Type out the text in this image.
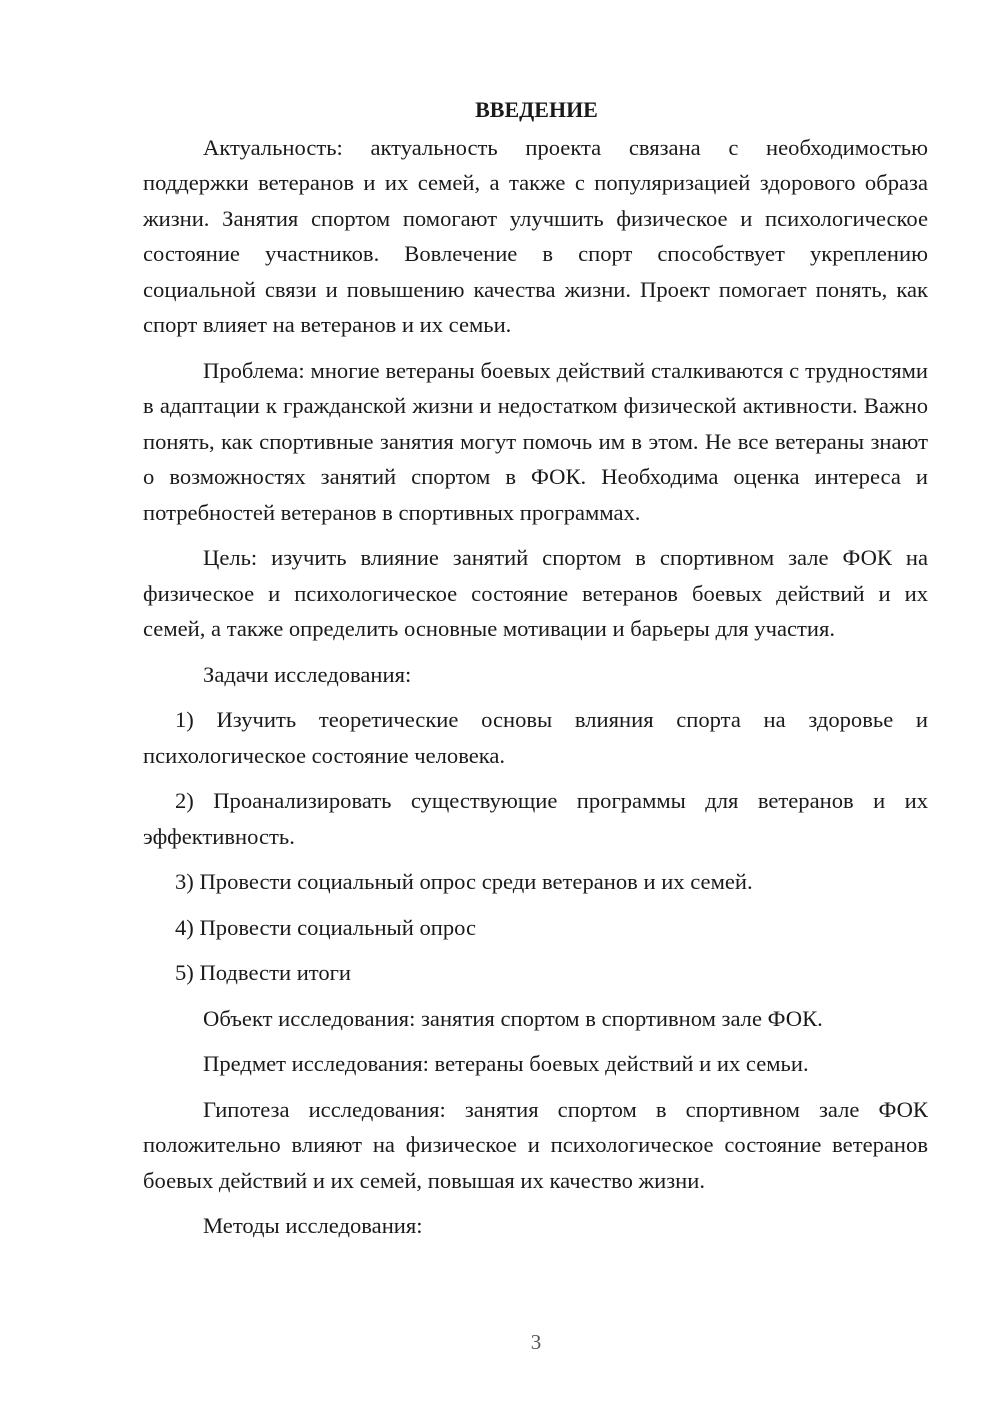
ВВЕДЕНИЕ

Актуальность: актуальность проекта связана с необходимостью поддержки ветеранов и их семей, а также с популяризацией здорового образа жизни. Занятия спортом помогают улучшить физическое и психологическое состояние участников. Вовлечение в спорт способствует укреплению социальной связи и повышению качества жизни. Проект помогает понять, как спорт влияет на ветеранов и их семьи.

Проблема: многие ветераны боевых действий сталкиваются с трудностями в адаптации к гражданской жизни и недостатком физической активности. Важно понять, как спортивные занятия могут помочь им в этом. Не все ветераны знают о возможностях занятий спортом в ФОК. Необходима оценка интереса и потребностей ветеранов в спортивных программах.

Цель: изучить влияние занятий спортом в спортивном зале ФОК на физическое и психологическое состояние ветеранов боевых действий и их семей, а также определить основные мотивации и барьеры для участия.

Задачи исследования:

1) Изучить теоретические основы влияния спорта на здоровье и психологическое состояние человека.

2) Проанализировать существующие программы для ветеранов и их эффективность.

3) Провести социальный опрос среди ветеранов и их семей.

4) Провести социальный опрос

5) Подвести итоги

Объект исследования: занятия спортом в спортивном зале ФОК.

Предмет исследования: ветераны боевых действий и их семьи.

Гипотеза исследования: занятия спортом в спортивном зале ФОК положительно влияют на физическое и психологическое состояние ветеранов боевых действий и их семей, повышая их качество жизни.

Методы исследования:

3
